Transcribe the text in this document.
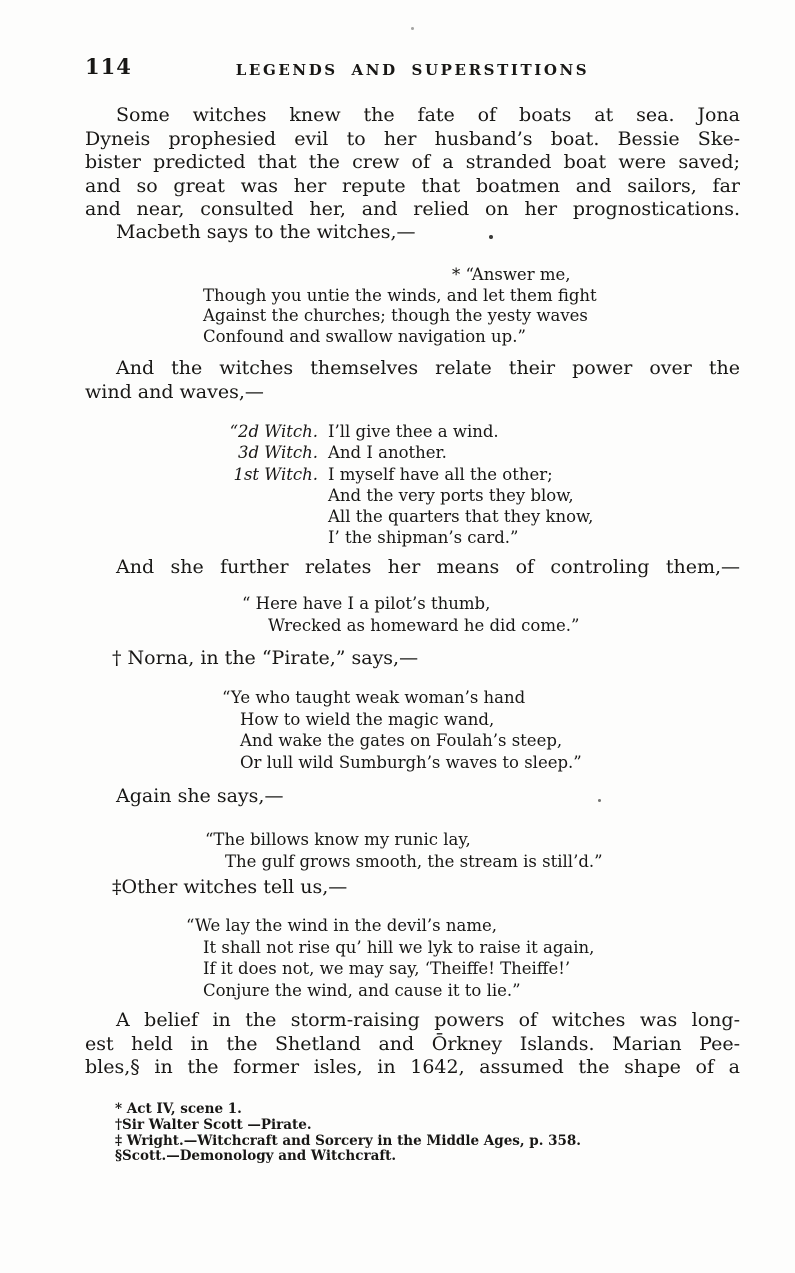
114	LEGENDS AND SUPERSTITIONS
Some witches knew the fate of boats at sea. Jona
Dyneis prophesied evil to her husband’s boat. Bessie Ske-
bister predicted that the crew of a stranded boat were saved;
and so great was her repute that boatmen and sailors, far
and near, consulted her, and relied on her prognostications.
Macbeth says to the witches,—
* “Answer me,
Though you untie the winds, and let them fight
Against the churches; though the yesty waves
Confound and swallow navigation up.”
And the witches themselves relate their power over the
wind and waves,—
“2d Witch. I’ll give thee a wind.
3d Witch. And I another.
1st Witch. I myself have all the other;
And the very ports they blow,
All the quarters that they know,
I’ the shipman’s card.”
And she further relates her means of controling them,—
“ Here have I a pilot’s thumb,
Wrecked as homeward he did come.”
† Norna, in the “Pirate,” says,—
“Ye who taught weak woman’s hand
How to wield the magic wand,
And wake the gates on Foulah’s steep,
Or lull wild Sumburgh’s waves to sleep.”
Again she says,—
“The billows know my runic lay,
The gulf grows smooth, the stream is still’d.”
‡Other witches tell us,—
“We lay the wind in the devil’s name,
It shall not rise qu’ hill we lyk to raise it again,
If it does not, we may say, ‘Theiffe! Theiffe!’
Conjure the wind, and cause it to lie.”
A belief in the storm-raising powers of witches was long-
est held in the Shetland and Ōrkney Islands. Marian Pee-
bles,§ in the former isles, in 1642, assumed the shape of a
* Act IV, scene 1.
†Sir Walter Scott —Pirate.
‡ Wright.—Witchcraft and Sorcery in the Middle Ages, p. 358.
§Scott.—Demonology and Witchcraft.
